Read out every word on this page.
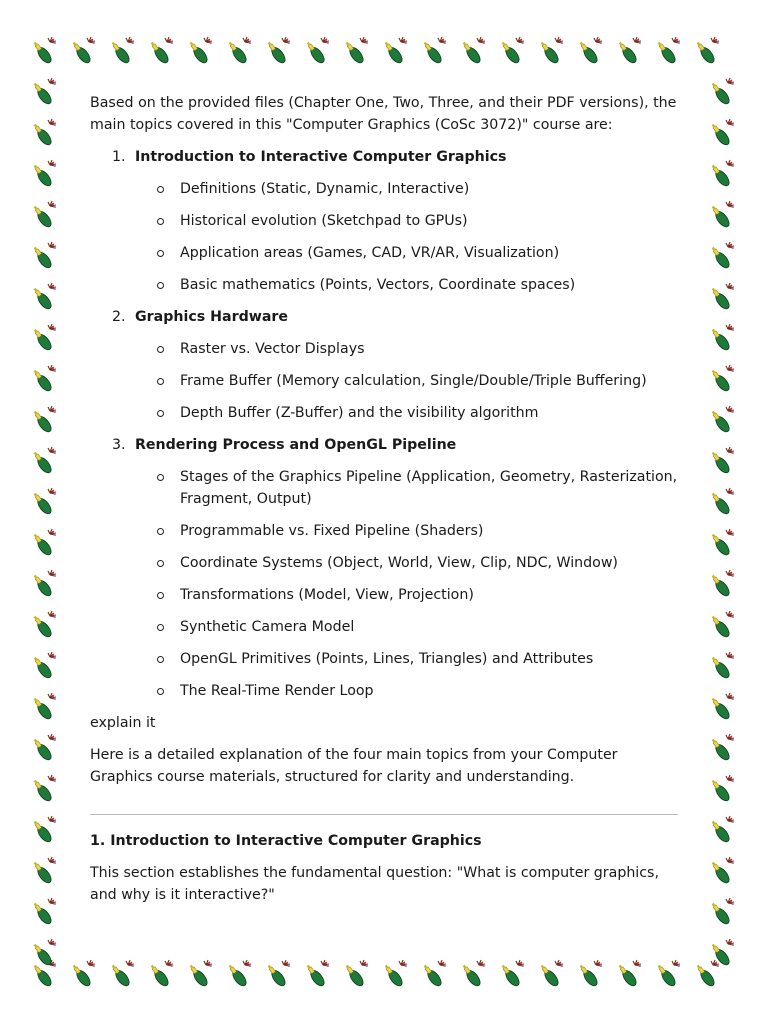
Based on the provided files (Chapter One, Two, Three, and their PDF versions), the main topics covered in this "Computer Graphics (CoSc 3072)" course are:

1. Introduction to Interactive Computer Graphics
Definitions (Static, Dynamic, Interactive)
Historical evolution (Sketchpad to GPUs)
Application areas (Games, CAD, VR/AR, Visualization)
Basic mathematics (Points, Vectors, Coordinate spaces)
2. Graphics Hardware
Raster vs. Vector Displays
Frame Buffer (Memory calculation, Single/Double/Triple Buffering)
Depth Buffer (Z-Buffer) and the visibility algorithm
3. Rendering Process and OpenGL Pipeline
Stages of the Graphics Pipeline (Application, Geometry, Rasterization, Fragment, Output)
Programmable vs. Fixed Pipeline (Shaders)
Coordinate Systems (Object, World, View, Clip, NDC, Window)
Transformations (Model, View, Projection)
Synthetic Camera Model
OpenGL Primitives (Points, Lines, Triangles) and Attributes
The Real-Time Render Loop

explain it

Here is a detailed explanation of the four main topics from your Computer Graphics course materials, structured for clarity and understanding.

1. Introduction to Interactive Computer Graphics

This section establishes the fundamental question: "What is computer graphics, and why is it interactive?"
